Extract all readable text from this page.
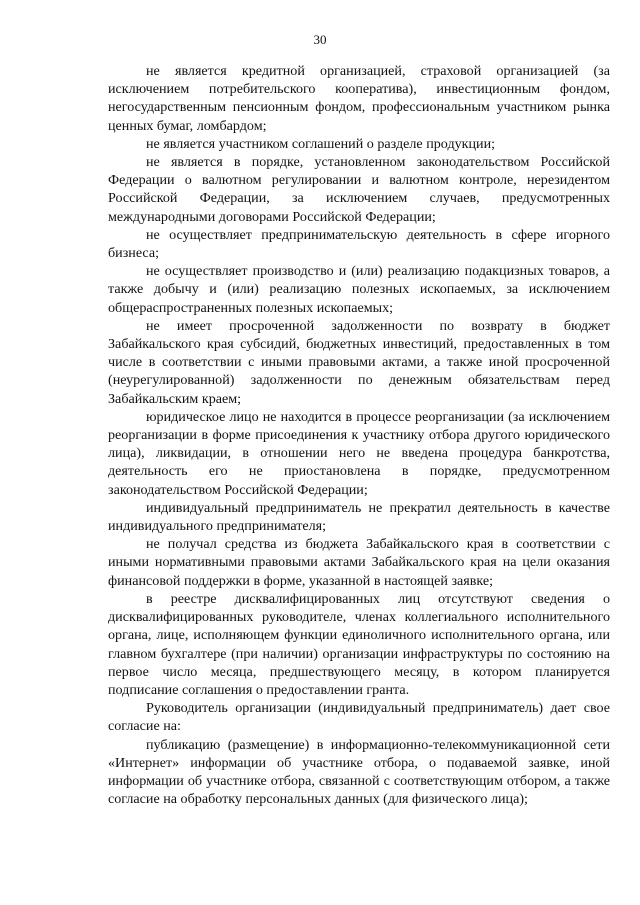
30

не является кредитной организацией, страховой организацией (за исключением потребительского кооператива), инвестиционным фондом, негосударственным пенсионным фондом, профессиональным участником рынка ценных бумаг, ломбардом;

не является участником соглашений о разделе продукции;

не является в порядке, установленном законодательством Российской Федерации о валютном регулировании и валютном контроле, нерезидентом Российской Федерации, за исключением случаев, предусмотренных международными договорами Российской Федерации;

не осуществляет предпринимательскую деятельность в сфере игорного бизнеса;

не осуществляет производство и (или) реализацию подакцизных товаров, а также добычу и (или) реализацию полезных ископаемых, за исключением общераспространенных полезных ископаемых;

не имеет просроченной задолженности по возврату в бюджет Забайкальского края субсидий, бюджетных инвестиций, предоставленных в том числе в соответствии с иными правовыми актами, а также иной просроченной (неурегулированной) задолженности по денежным обязательствам перед Забайкальским краем;

юридическое лицо не находится в процессе реорганизации (за исключением реорганизации в форме присоединения к участнику отбора другого юридического лица), ликвидации, в отношении него не введена процедура банкротства, деятельность его не приостановлена в порядке, предусмотренном законодательством Российской Федерации;

индивидуальный предприниматель не прекратил деятельность в качестве индивидуального предпринимателя;

не получал средства из бюджета Забайкальского края в соответствии с иными нормативными правовыми актами Забайкальского края на цели оказания финансовой поддержки в форме, указанной в настоящей заявке;

в реестре дисквалифицированных лиц отсутствуют сведения о дисквалифицированных руководителе, членах коллегиального исполнительного органа, лице, исполняющем функции единоличного исполнительного органа, или главном бухгалтере (при наличии) организации инфраструктуры по состоянию на первое число месяца, предшествующего месяцу, в котором планируется подписание соглашения о предоставлении гранта.

Руководитель организации (индивидуальный предприниматель) дает свое согласие на:

публикацию (размещение) в информационно-телекоммуникационной сети «Интернет» информации об участнике отбора, о подаваемой заявке, иной информации об участнике отбора, связанной с соответствующим отбором, а также согласие на обработку персональных данных (для физического лица);
